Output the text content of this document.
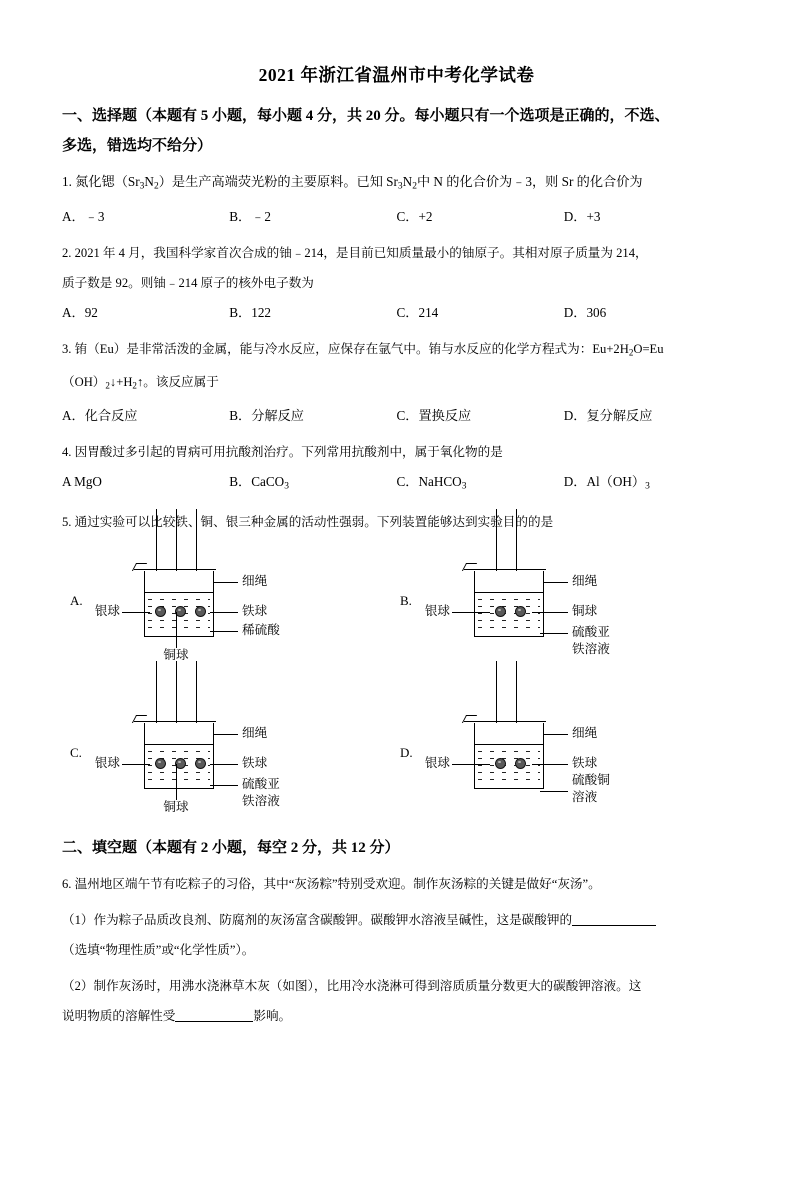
2021 年浙江省温州市中考化学试卷
一、选择题（本题有 5 小题，每小题 4 分，共 20 分。每小题只有一个选项是正确的，不选、
多选，错选均不给分）
1. 氮化锶$(Sr_3N_2)$是生产高端荧光粉的主要原料。已知 $Sr_3N_2$中 N 的化合价为﹣3，则 Sr 的化合价为
A．﹣3	B．﹣2	C．+2	D．+3
2. 2021 年 4 月，我国科学家首次合成的铀﹣214，是目前已知质量最小的铀原子。其相对原子质量为 214，
质子数是 92。则铀﹣214 原子的核外电子数为
A．92	B．122	C．214	D．306
3. 铕（Eu）是非常活泼的金属，能与冷水反应，应保存在氩气中。铕与水反应的化学方程式为：$Eu+2H_2O=Eu$
$(OH)_2↓+H_2↑$。该反应属于
A．化合反应	B．分解反应	C．置换反应	D．复分解反应
4. 因胃酸过多引起的胃病可用抗酸剂治疗。下列常用抗酸剂中，属于氧化物的是
A MgO	B．CaCO$_3$	C．NaHCO$_3$	D．$Al(OH)_3$
5. 通过实验可以比较铁、铜、银三种金属的活动性强弱。下列装置能够达到实验目的的是
A.
细绳
银球	铁球
稀硫酸
铜球
B.
细绳
银球	铜球
硫酸亚
铁溶液
C.
细绳
银球	铁球
硫酸亚
铁溶液
铜球
D.
细绳
银球	铁球
硫酸铜
溶液
二、填空题（本题有 2 小题，每空 2 分，共 12 分）
6. 温州地区端午节有吃粽子的习俗，其中“灰汤粽”特别受欢迎。制作灰汤粽的关键是做好“灰汤”。
（1）作为粽子品质改良剂、防腐剂的灰汤富含碳酸钾。碳酸钾水溶液呈碱性，这是碳酸钾的
（选填“物理性质”或“化学性质”）。
（2）制作灰汤时，用沸水浇淋草木灰（如图），比用冷水浇淋可得到溶质质量分数更大的碳酸钾溶液。这
说明物质的溶解性受	影响。
